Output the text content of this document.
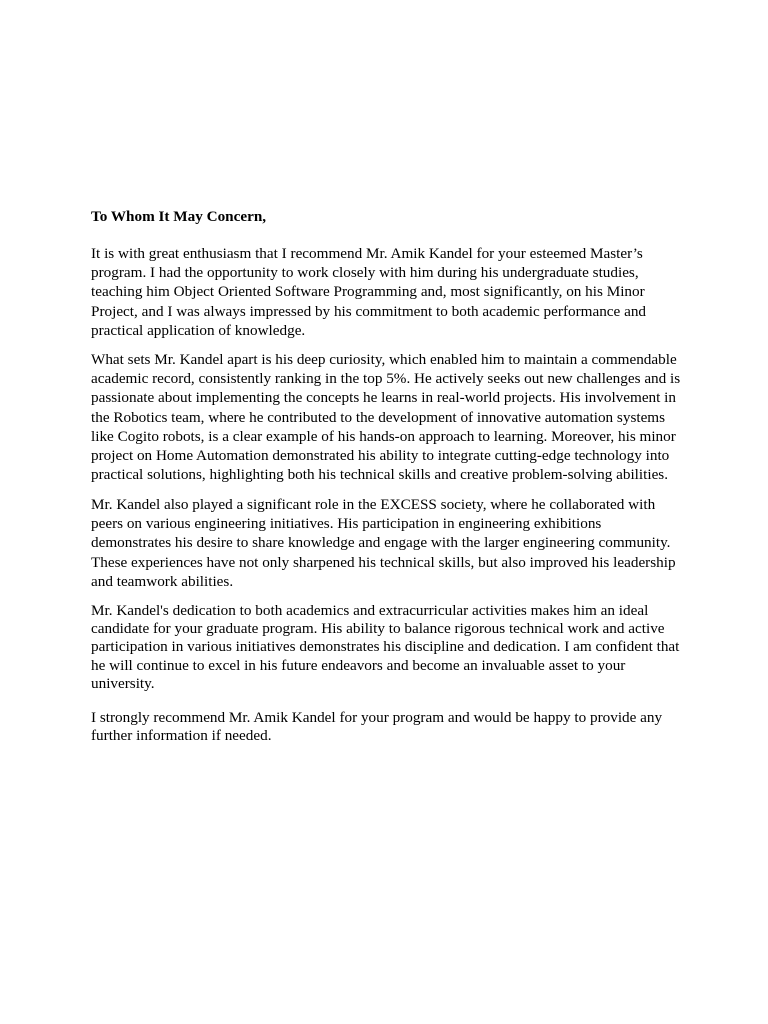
To Whom It May Concern,

It is with great enthusiasm that I recommend Mr. Amik Kandel for your esteemed Master’s
program. I had the opportunity to work closely with him during his undergraduate studies,
teaching him Object Oriented Software Programming and, most significantly, on his Minor
Project, and I was always impressed by his commitment to both academic performance and
practical application of knowledge.

What sets Mr. Kandel apart is his deep curiosity, which enabled him to maintain a commendable
academic record, consistently ranking in the top 5%. He actively seeks out new challenges and is
passionate about implementing the concepts he learns in real-world projects. His involvement in
the Robotics team, where he contributed to the development of innovative automation systems
like Cogito robots, is a clear example of his hands-on approach to learning. Moreover, his minor
project on Home Automation demonstrated his ability to integrate cutting-edge technology into
practical solutions, highlighting both his technical skills and creative problem-solving abilities.

Mr. Kandel also played a significant role in the EXCESS society, where he collaborated with
peers on various engineering initiatives. His participation in engineering exhibitions
demonstrates his desire to share knowledge and engage with the larger engineering community.
These experiences have not only sharpened his technical skills, but also improved his leadership
and teamwork abilities.

Mr. Kandel's dedication to both academics and extracurricular activities makes him an ideal
candidate for your graduate program. His ability to balance rigorous technical work and active
participation in various initiatives demonstrates his discipline and dedication. I am confident that
he will continue to excel in his future endeavors and become an invaluable asset to your
university.

I strongly recommend Mr. Amik Kandel for your program and would be happy to provide any
further information if needed.
